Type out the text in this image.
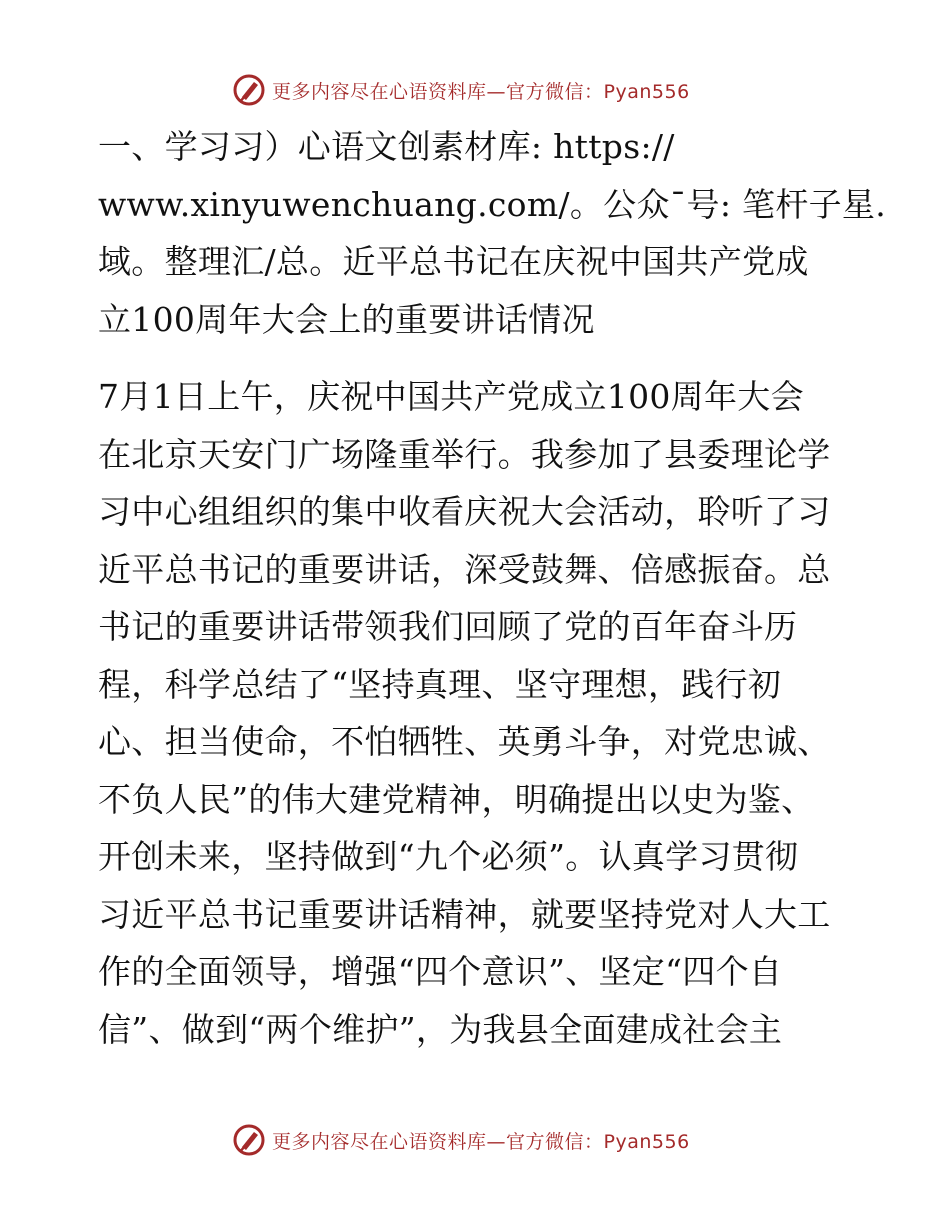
更多内容尽在心语资料库—官方微信：Pyan556
一、学习习）心语文创素材库: https://
www.xinyuwenchuang.com/。公众¯号: 笔杆子星.
域。整理汇/总。近平总书记在庆祝中国共产党成
立100周年大会上的重要讲话情况
7月1日上午，庆祝中国共产党成立100周年大会
在北京天安门广场隆重举行。我参加了县委理论学
习中心组组织的集中收看庆祝大会活动，聆听了习
近平总书记的重要讲话，深受鼓舞、倍感振奋。总
书记的重要讲话带领我们回顾了党的百年奋斗历
程，科学总结了“坚持真理、坚守理想，践行初
心、担当使命，不怕牺牲、英勇斗争，对党忠诚、
不负人民”的伟大建党精神，明确提出以史为鉴、
开创未来，坚持做到“九个必须”。认真学习贯彻
习近平总书记重要讲话精神，就要坚持党对人大工
作的全面领导，增强“四个意识”、坚定“四个自
信”、做到“两个维护”，为我县全面建成社会主
更多内容尽在心语资料库—官方微信：Pyan556
